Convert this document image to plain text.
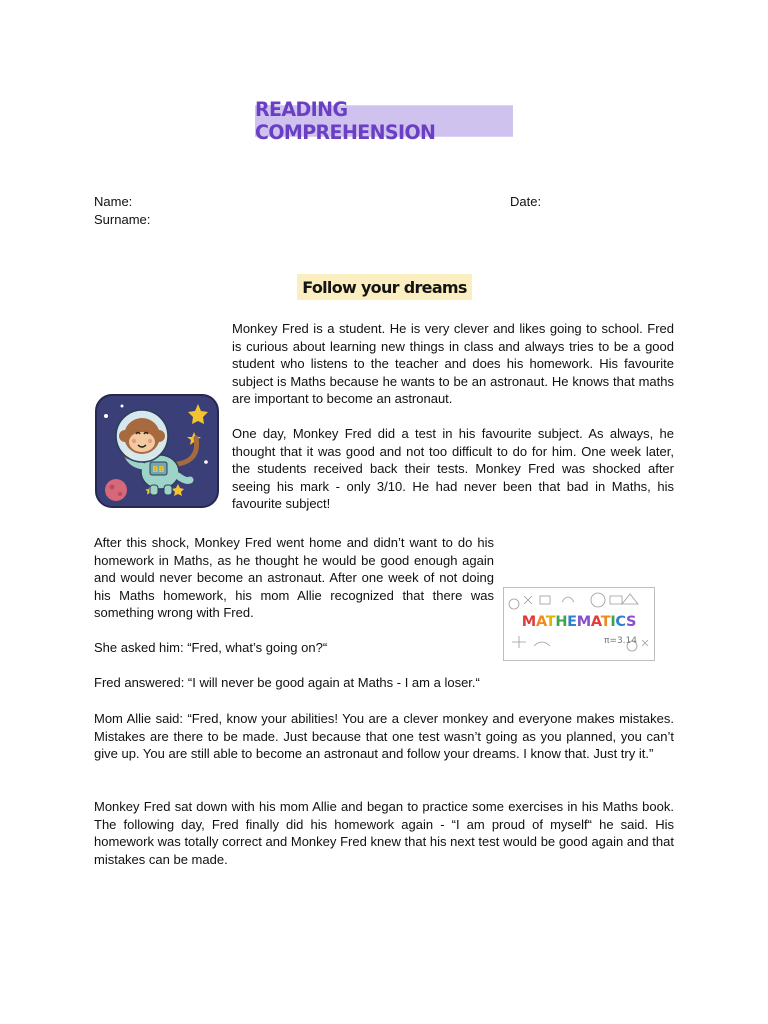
READING COMPREHENSION
Name:	Date:
Surname:
Follow your dreams

Monkey Fred is a student. He is very clever and likes going to school. Fred is curious about learning new things in class and always tries to be a good student who listens to the teacher and does his homework. His favourite subject is Maths because he wants to be an astronaut. He knows that maths are important to become an astronaut.

One day, Monkey Fred did a test in his favourite subject. As always, he thought that it was good and not too difficult to do for him. One week later, the students received back their tests. Monkey Fred was shocked after seeing his mark - only 3/10. He had never been that bad in Maths, his favourite subject!

BB

After this shock, Monkey Fred went home and didn’t want to do his homework in Maths, as he thought he would be good enough again and would never become an astronaut. After one week of not doing his Maths homework, his mom Allie recognized that there was something wrong with Fred.

She asked him: “Fred, what’s going on?“

Fred answered: “I will never be good again at Maths - I am a loser.“

MATHEMATICS
π=3.14

Mom Allie said: “Fred, know your abilities! You are a clever monkey and everyone makes mistakes. Mistakes are there to be made. Just because that one test wasn’t going as you planned, you can’t give up. You are still able to become an astronaut and follow your dreams. I know that. Just try it.”

Monkey Fred sat down with his mom Allie and began to practice some exercises in his Maths book. The following day, Fred finally did his homework again - “I am proud of myself“ he said. His homework was totally correct and Monkey Fred knew that his next test would be good again and that mistakes can be made.
